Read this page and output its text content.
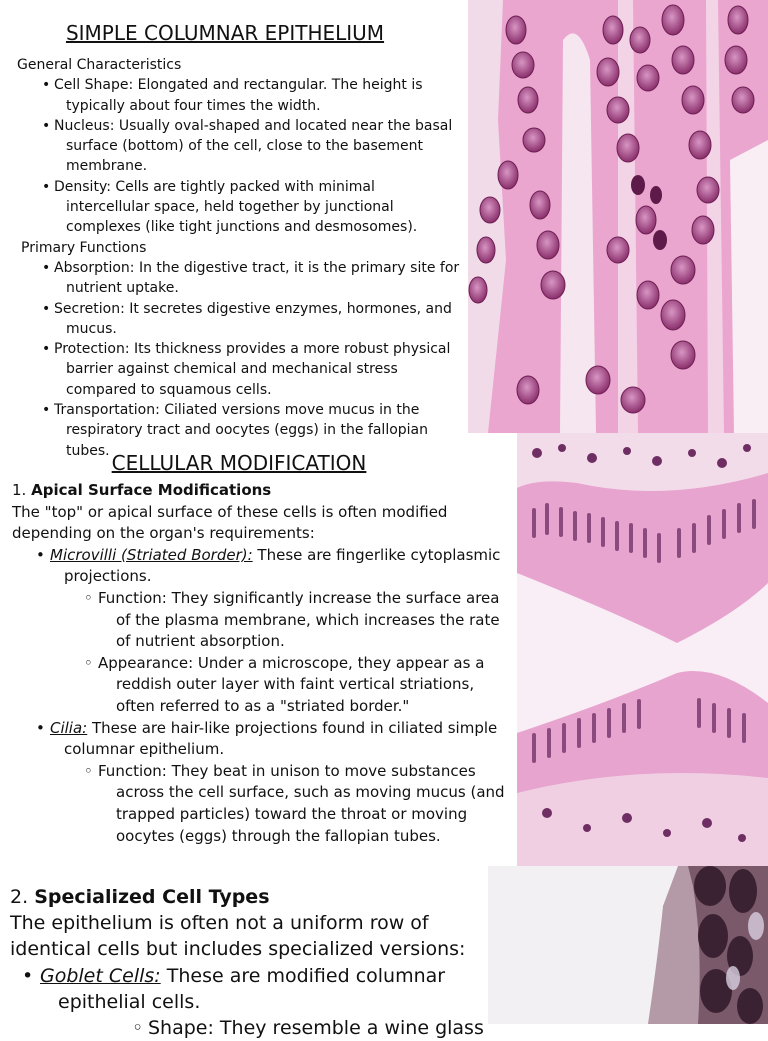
SIMPLE COLUMNAR EPITHELIUM

General Characteristics

• Cell Shape: Elongated and rectangular. The height is typically about four times the width.
• Nucleus: Usually oval-shaped and located near the basal surface (bottom) of the cell, close to the basement membrane.
• Density: Cells are tightly packed with minimal intercellular space, held together by junctional complexes (like tight junctions and desmosomes).

Primary Functions

• Absorption: In the digestive tract, it is the primary site for nutrient uptake.
• Secretion: It secretes digestive enzymes, hormones, and mucus.
• Protection: Its thickness provides a more robust physical barrier against chemical and mechanical stress compared to squamous cells.
• Transportation: Ciliated versions move mucus in the respiratory tract and oocytes (eggs) in the fallopian tubes.

CELLULAR MODIFICATION

1. Apical Surface Modifications

The "top" or apical surface of these cells is often modified depending on the organ's requirements:

• Microvilli (Striated Border): These are fingerlike cytoplasmic projections.
◦ Function: They significantly increase the surface area of the plasma membrane, which increases the rate of nutrient absorption.
◦ Appearance: Under a microscope, they appear as a reddish outer layer with faint vertical striations, often referred to as a "striated border."
• Cilia: These are hair-like projections found in ciliated simple columnar epithelium.
◦ Function: They beat in unison to move substances across the cell surface, such as moving mucus (and trapped particles) toward the throat or moving oocytes (eggs) through the fallopian tubes.

2. Specialized Cell Types

The epithelium is often not a uniform row of identical cells but includes specialized versions:

• Goblet Cells: These are modified columnar epithelial cells.
◦ Shape: They resemble a wine glass
